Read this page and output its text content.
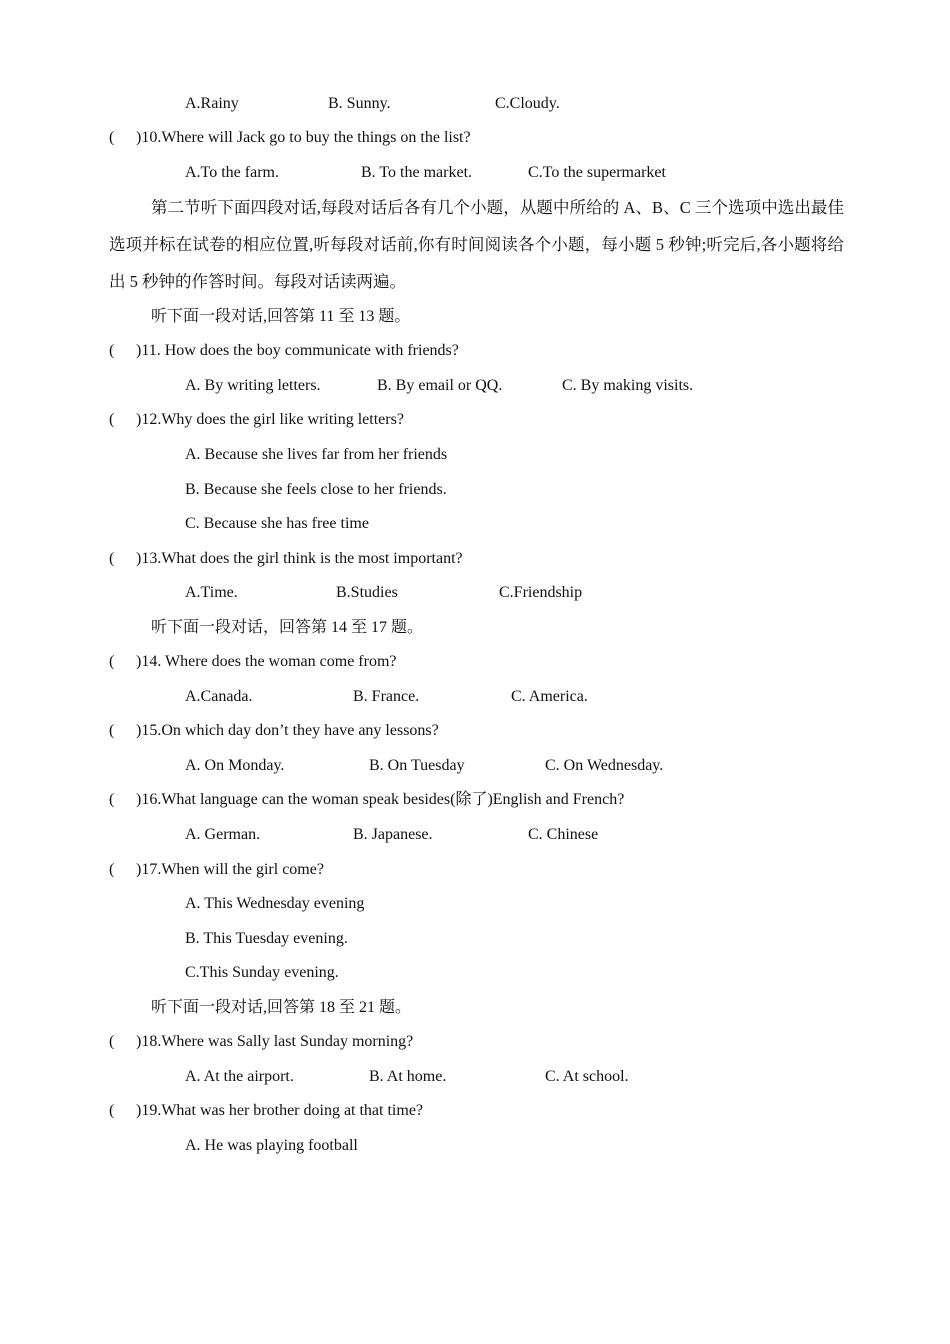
A.Rainy	B. Sunny.	C.Cloudy.
( )10.Where will Jack go to buy the things on the list?
A.To the farm.	B. To the market.	C.To the supermarket
第二节听下面四段对话,每段对话后各有几个小题，从题中所给的 A、B、C 三个选项中选出最佳选项并标在试卷的相应位置,听每段对话前,你有时间阅读各个小题，每小题 5 秒钟;听完后,各小题将给出 5 秒钟的作答时间。每段对话读两遍。
听下面一段对话,回答第 11 至 13 题。
( )11. How does the boy communicate with friends?
A. By writing letters.	B. By email or QQ.	C. By making visits.
( )12.Why does the girl like writing letters?
A. Because she lives far from her friends
B. Because she feels close to her friends.
C. Because she has free time
( )13.What does the girl think is the most important?
A.Time.	B.Studies	C.Friendship
听下面一段对话，回答第 14 至 17 题。
( )14. Where does the woman come from?
A.Canada.	B. France.	C. America.
( )15.On which day don’t they have any lessons?
A. On Monday.	B. On Tuesday	C. On Wednesday.
( )16.What language can the woman speak besides(除了)English and French?
A. German.	B. Japanese.	C. Chinese
( )17.When will the girl come?
A. This Wednesday evening
B. This Tuesday evening.
C.This Sunday evening.
听下面一段对话,回答第 18 至 21 题。
( )18.Where was Sally last Sunday morning?
A. At the airport.	B. At home.	C. At school.
( )19.What was her brother doing at that time?
A. He was playing football
